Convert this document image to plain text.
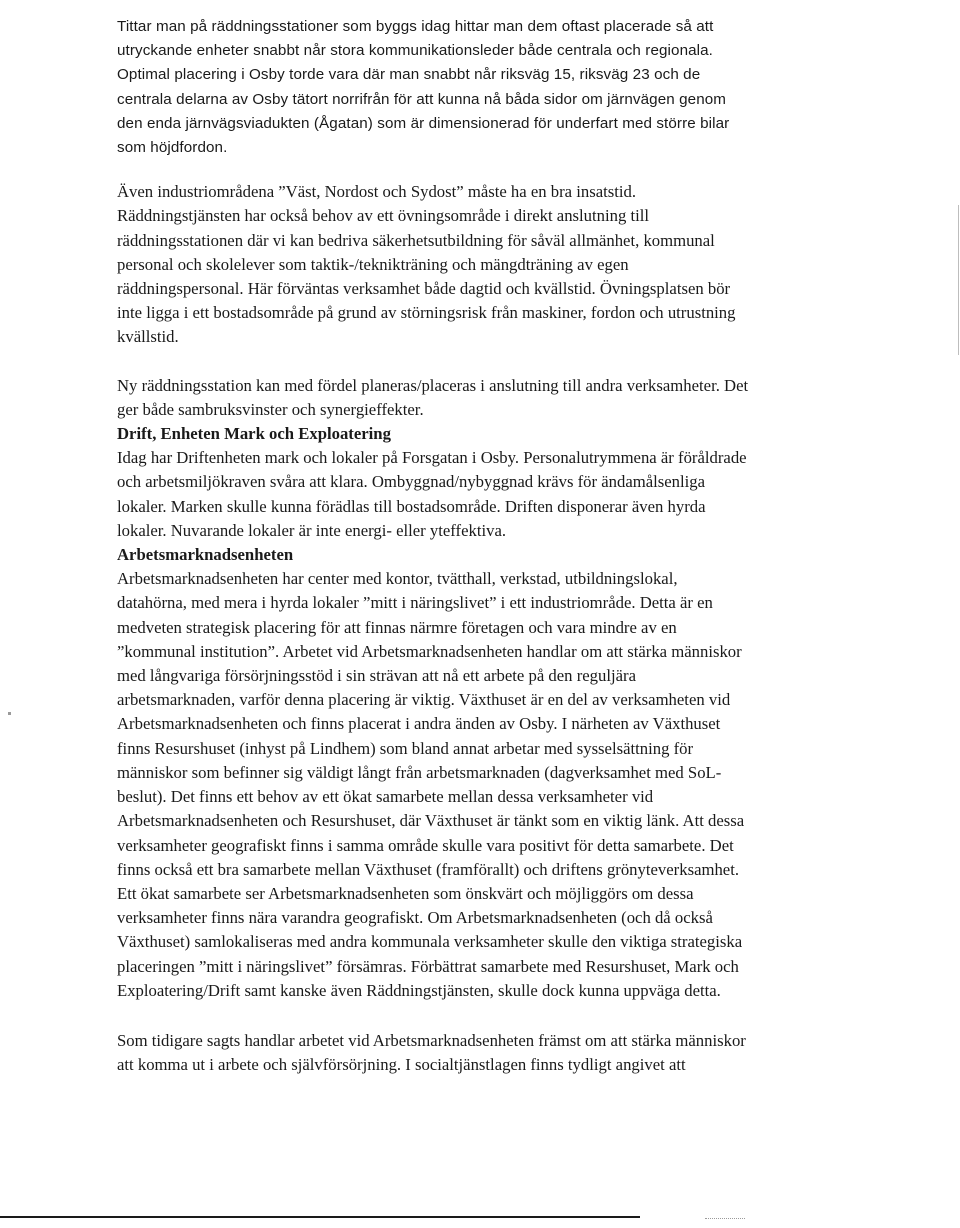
Tittar man på räddningsstationer som byggs idag hittar man dem oftast placerade så att
utryckande enheter snabbt når stora kommunikationsleder både centrala och regionala.
Optimal placering i Osby torde vara där man snabbt når riksväg 15, riksväg 23 och de
centrala delarna av Osby tätort norrifrån för att kunna nå båda sidor om järnvägen genom
den enda järnvägsviadukten (Ågatan) som är dimensionerad för underfart med större bilar
som höjdfordon.

Även industriområdena ”Väst, Nordost och Sydost” måste ha en bra insatstid.

Räddningstjänsten har också behov av ett övningsområde i direkt anslutning till
räddningsstationen där vi kan bedriva säkerhetsutbildning för såväl allmänhet, kommunal
personal och skolelever som taktik-/teknikträning och mängdträning av egen
räddningspersonal. Här förväntas verksamhet både dagtid och kvällstid. Övningsplatsen bör
inte ligga i ett bostadsområde på grund av störningsrisk från maskiner, fordon och utrustning
kvällstid.

Ny räddningsstation kan med fördel planeras/placeras i anslutning till andra verksamheter. Det
ger både sambruksvinster och synergieffekter.

Drift, Enheten Mark och Exploatering

Idag har Driftenheten mark och lokaler på Forsgatan i Osby. Personalutrymmena är föråldrade
och arbetsmiljökraven svåra att klara. Ombyggnad/nybyggnad krävs för ändamålsenliga
lokaler. Marken skulle kunna förädlas till bostadsområde. Driften disponerar även hyrda
lokaler. Nuvarande lokaler är inte energi- eller yteffektiva.

Arbetsmarknadsenheten

Arbetsmarknadsenheten har center med kontor, tvätthall, verkstad, utbildningslokal,
datahörna, med mera i hyrda lokaler ”mitt i näringslivet” i ett industriområde. Detta är en
medveten strategisk placering för att finnas närmre företagen och vara mindre av en
”kommunal institution”. Arbetet vid Arbetsmarknadsenheten handlar om att stärka människor
med långvariga försörjningsstöd i sin strävan att nå ett arbete på den reguljära
arbetsmarknaden, varför denna placering är viktig. Växthuset är en del av verksamheten vid
Arbetsmarknadsenheten och finns placerat i andra änden av Osby. I närheten av Växthuset
finns Resurshuset (inhyst på Lindhem) som bland annat arbetar med sysselsättning för
människor som befinner sig väldigt långt från arbetsmarknaden (dagverksamhet med SoL-
beslut). Det finns ett behov av ett ökat samarbete mellan dessa verksamheter vid
Arbetsmarknadsenheten och Resurshuset, där Växthuset är tänkt som en viktig länk. Att dessa
verksamheter geografiskt finns i samma område skulle vara positivt för detta samarbete. Det
finns också ett bra samarbete mellan Växthuset (framförallt) och driftens grönyteverksamhet.
Ett ökat samarbete ser Arbetsmarknadsenheten som önskvärt och möjliggörs om dessa
verksamheter finns nära varandra geografiskt. Om Arbetsmarknadsenheten (och då också
Växthuset) samlokaliseras med andra kommunala verksamheter skulle den viktiga strategiska
placeringen ”mitt i näringslivet” försämras. Förbättrat samarbete med Resurshuset, Mark och
Exploatering/Drift samt kanske även Räddningstjänsten, skulle dock kunna uppväga detta.

Som tidigare sagts handlar arbetet vid Arbetsmarknadsenheten främst om att stärka människor
att komma ut i arbete och självförsörjning. I socialtjänstlagen finns tydligt angivet att
